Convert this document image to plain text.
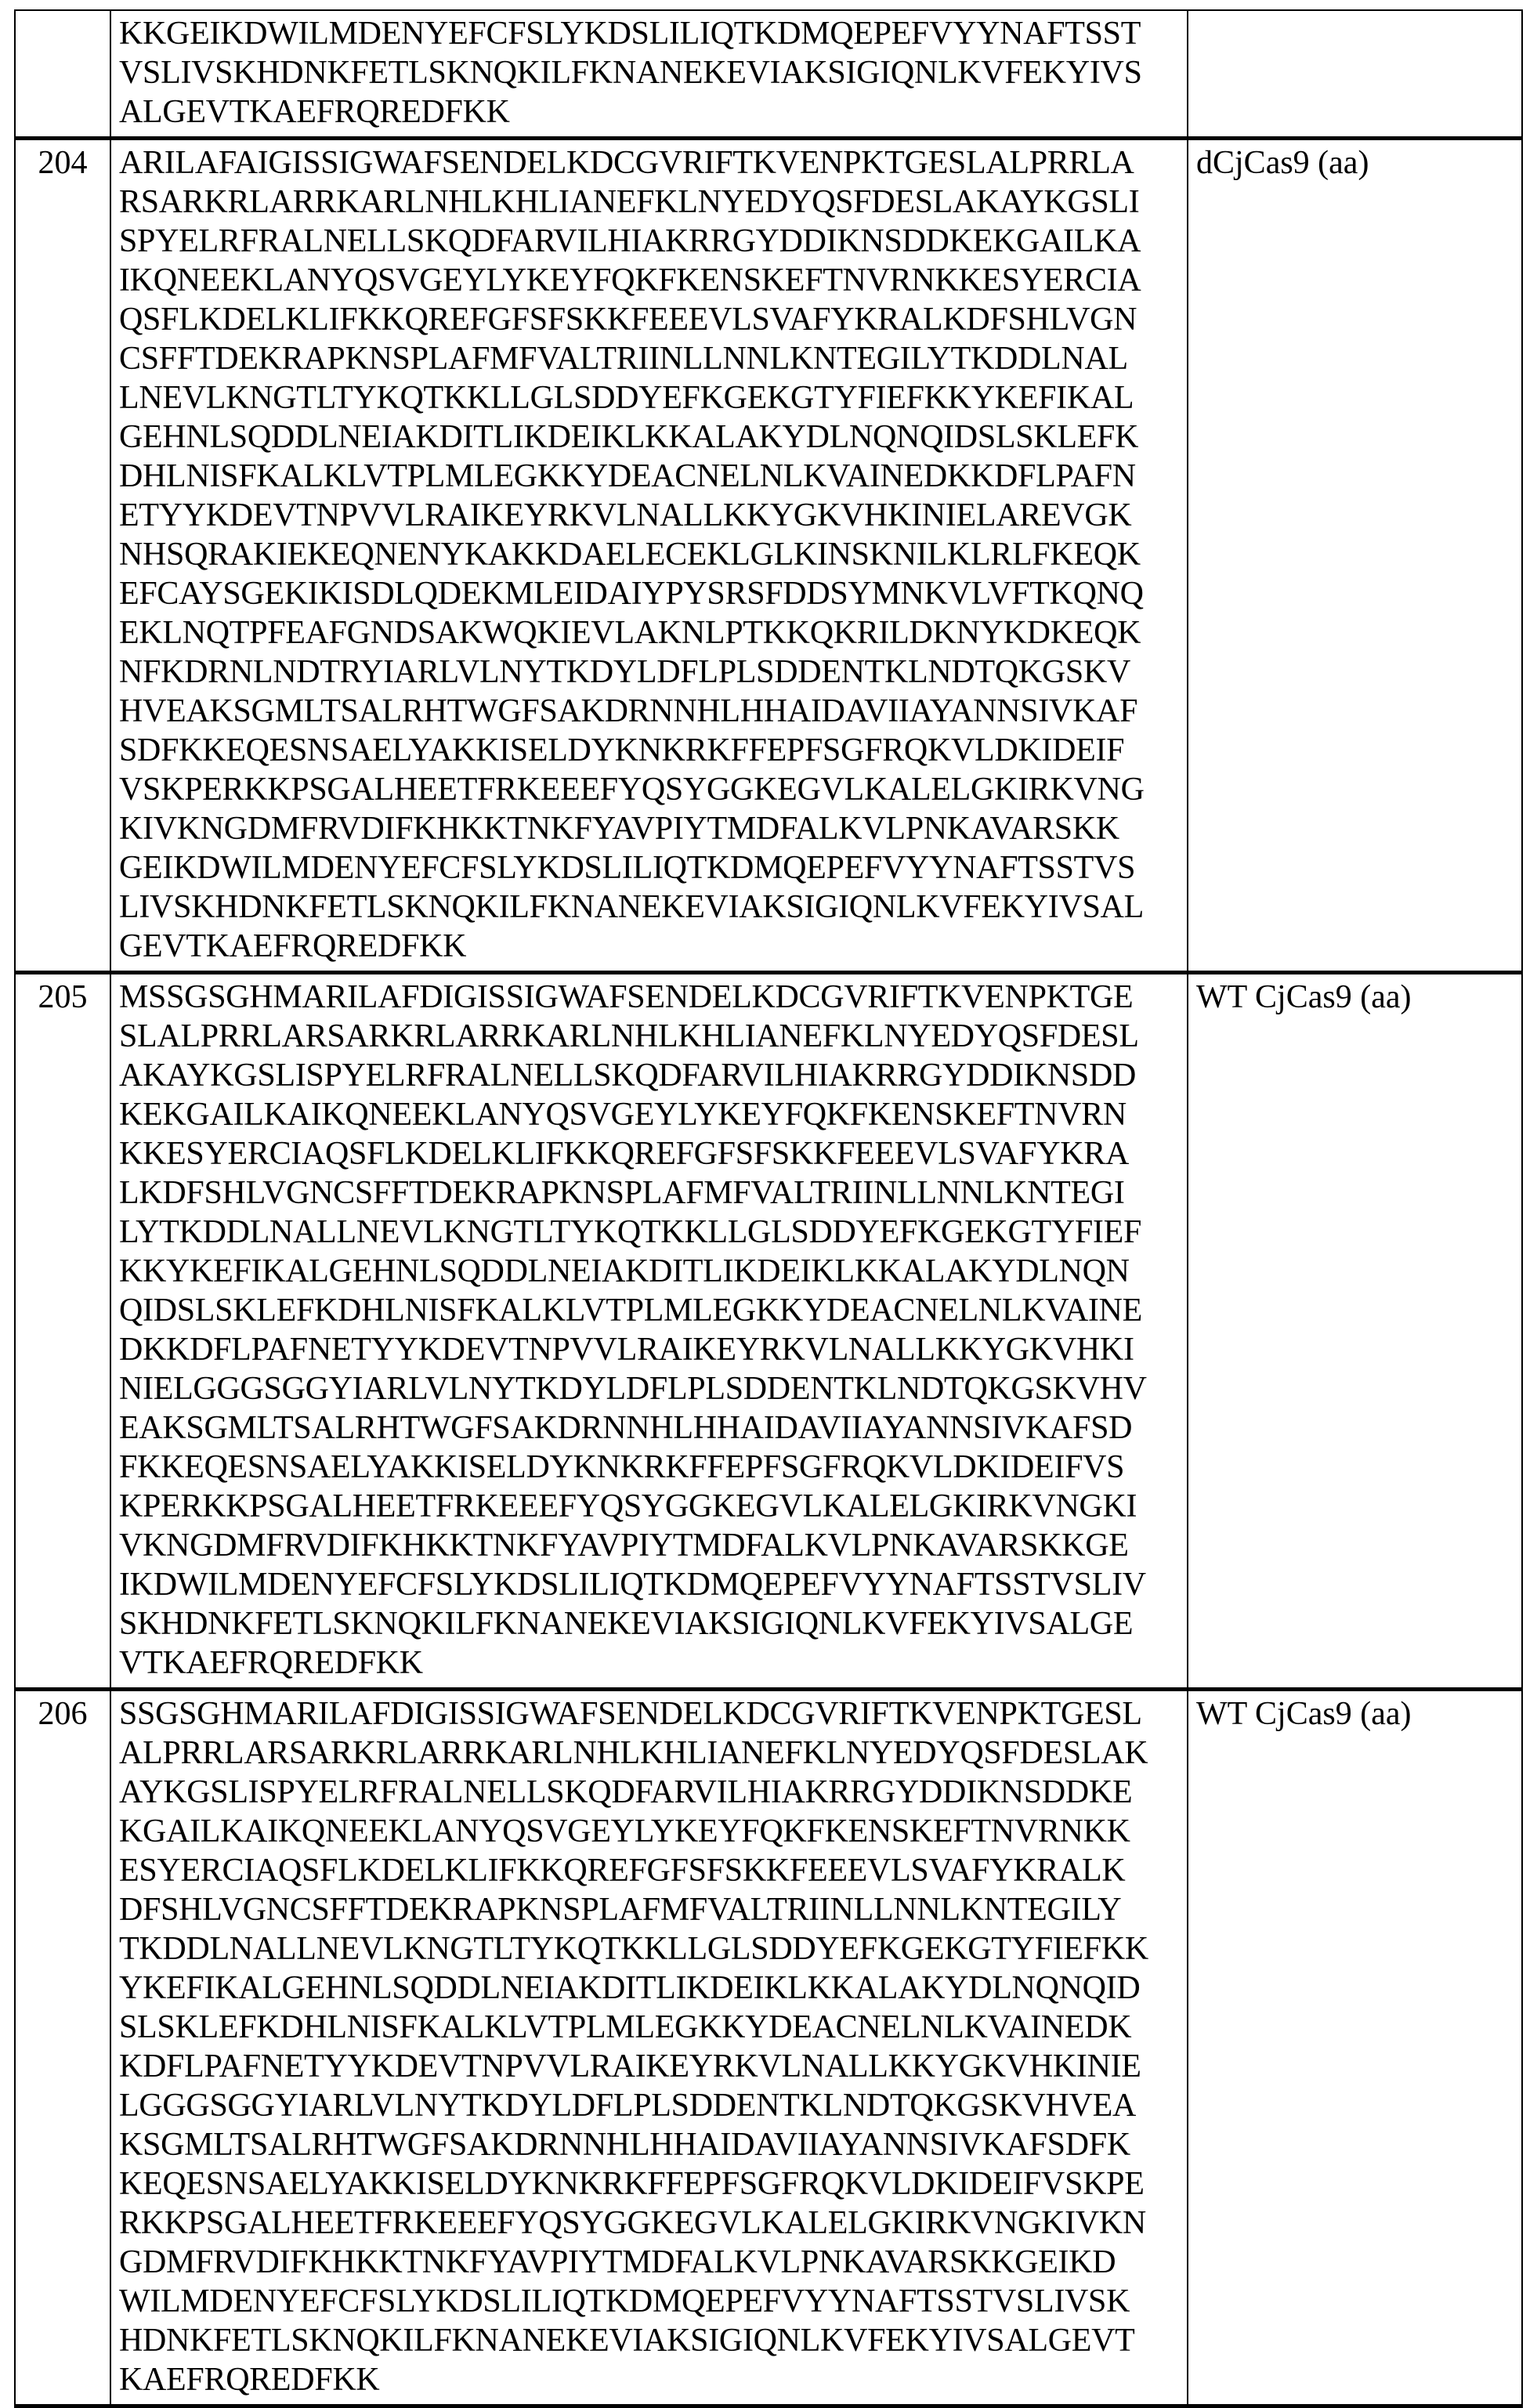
	KKGEIKDWILMDENYEFCFSLYKDSLILIQTKDMQEPEFVYYNAFTSST
VSLIVSKHDNKFETLSKNQKILFKNANEKEVIAKSIGIQNLKVFEKYIVS
ALGEVTKAEFRQREDFKK	
204	ARILAFAIGISSIGWAFSENDELKDCGVRIFTKVENPKTGESLALPRRLA
RSARKRLARRKARLNHLKHLIANEFKLNYEDYQSFDESLAKAYKGSLI
SPYELRFRALNELLSKQDFARVILHIAKRRGYDDIKNSDDKEKGAILKA
IKQNEEKLANYQSVGEYLYKEYFQKFKENSKEFTNVRNKKESYERCIA
QSFLKDELKLIFKKQREFGFSFSKKFEEEVLSVAFYKRALKDFSHLVGN
CSFFTDEKRAPKNSPLAFMFVALTRIINLLNNLKNTEGILYTKDDLNAL
LNEVLKNGTLTYKQTKKLLGLSDDYEFKGEKGTYFIEFKKYKEFIKAL
GEHNLSQDDLNEIAKDITLIKDEIKLKKALAKYDLNQNQIDSLSKLEFK
DHLNISFKALKLVTPLMLEGKKYDEACNELNLKVAINEDKKDFLPAFN
ETYYKDEVTNPVVLRAIKEYRKVLNALLKKYGKVHKINIELAREVGK
NHSQRAKIEKEQNENYKAKKDAELECEKLGLKINSKNILKLRLFKEQK
EFCAYSGEKIKISDLQDEKMLEIDAIYPYSRSFDDSYMNKVLVFTKQNQ
EKLNQTPFEAFGNDSAKWQKIEVLAKNLPTKKQKRILDKNYKDKEQK
NFKDRNLNDTRYIARLVLNYTKDYLDFLPLSDDENTKLNDTQKGSKV
HVEAKSGMLTSALRHTWGFSAKDRNNHLHHAIDAVIIAYANNSIVKAF
SDFKKEQESNSAELYAKKISELDYKNKRKFFEPFSGFRQKVLDKIDEIF
VSKPERKKPSGALHEETFRKEEEFYQSYGGKEGVLKALELGKIRKVNG
KIVKNGDMFRVDIFKHKKTNKFYAVPIYTMDFALKVLPNKAVARSKK
GEIKDWILMDENYEFCFSLYKDSLILIQTKDMQEPEFVYYNAFTSSTVS
LIVSKHDNKFETLSKNQKILFKNANEKEVIAKSIGIQNLKVFEKYIVSAL
GEVTKAEFRQREDFKK	dCjCas9 (aa)
205	MSSGSGHMARILAFDIGISSIGWAFSENDELKDCGVRIFTKVENPKTGE
SLALPRRLARSARKRLARRKARLNHLKHLIANEFKLNYEDYQSFDESL
AKAYKGSLISPYELRFRALNELLSKQDFARVILHIAKRRGYDDIKNSDD
KEKGAILKAIKQNEEKLANYQSVGEYLYKEYFQKFKENSKEFTNVRN
KKESYERCIAQSFLKDELKLIFKKQREFGFSFSKKFEEEVLSVAFYKRA
LKDFSHLVGNCSFFTDEKRAPKNSPLAFMFVALTRIINLLNNLKNTEGI
LYTKDDLNALLNEVLKNGTLTYKQTKKLLGLSDDYEFKGEKGTYFIEF
KKYKEFIKALGEHNLSQDDLNEIAKDITLIKDEIKLKKALAKYDLNQN
QIDSLSKLEFKDHLNISFKALKLVTPLMLEGKKYDEACNELNLKVAINE
DKKDFLPAFNETYYKDEVTNPVVLRAIKEYRKVLNALLKKYGKVHKI
NIELGGGSGGYIARLVLNYTKDYLDFLPLSDDENTKLNDTQKGSKVHV
EAKSGMLTSALRHTWGFSAKDRNNHLHHAIDAVIIAYANNSIVKAFSD
FKKEQESNSAELYAKKISELDYKNKRKFFEPFSGFRQKVLDKIDEIFVS
KPERKKPSGALHEETFRKEEEFYQSYGGKEGVLKALELGKIRKVNGKI
VKNGDMFRVDIFKHKKTNKFYAVPIYTMDFALKVLPNKAVARSKKGE
IKDWILMDENYEFCFSLYKDSLILIQTKDMQEPEFVYYNAFTSSTVSLIV
SKHDNKFETLSKNQKILFKNANEKEVIAKSIGIQNLKVFEKYIVSALGE
VTKAEFRQREDFKK	WT CjCas9 (aa)
206	SSGSGHMARILAFDIGISSIGWAFSENDELKDCGVRIFTKVENPKTGESL
ALPRRLARSARKRLARRKARLNHLKHLIANEFKLNYEDYQSFDESLAK
AYKGSLISPYELRFRALNELLSKQDFARVILHIAKRRGYDDIKNSDDKE
KGAILKAIKQNEEKLANYQSVGEYLYKEYFQKFKENSKEFTNVRNKK
ESYERCIAQSFLKDELKLIFKKQREFGFSFSKKFEEEVLSVAFYKRALK
DFSHLVGNCSFFTDEKRAPKNSPLAFMFVALTRIINLLNNLKNTEGILY
TKDDLNALLNEVLKNGTLTYKQTKKLLGLSDDYEFKGEKGTYFIEFKK
YKEFIKALGEHNLSQDDLNEIAKDITLIKDEIKLKKALAKYDLNQNQID
SLSKLEFKDHLNISFKALKLVTPLMLEGKKYDEACNELNLKVAINEDK
KDFLPAFNETYYKDEVTNPVVLRAIKEYRKVLNALLKKYGKVHKINIE
LGGGSGGYIARLVLNYTKDYLDFLPLSDDENTKLNDTQKGSKVHVEA
KSGMLTSALRHTWGFSAKDRNNHLHHAIDAVIIAYANNSIVKAFSDFK
KEQESNSAELYAKKISELDYKNKRKFFEPFSGFRQKVLDKIDEIFVSKPE
RKKPSGALHEETFRKEEEFYQSYGGKEGVLKALELGKIRKVNGKIVKN
GDMFRVDIFKHKKTNKFYAVPIYTMDFALKVLPNKAVARSKKGEIKD
WILMDENYEFCFSLYKDSLILIQTKDMQEPEFVYYNAFTSSTVSLIVSK
HDNKFETLSKNQKILFKNANEKEVIAKSIGIQNLKVFEKYIVSALGEVT
KAEFRQREDFKK	WT CjCas9 (aa)
